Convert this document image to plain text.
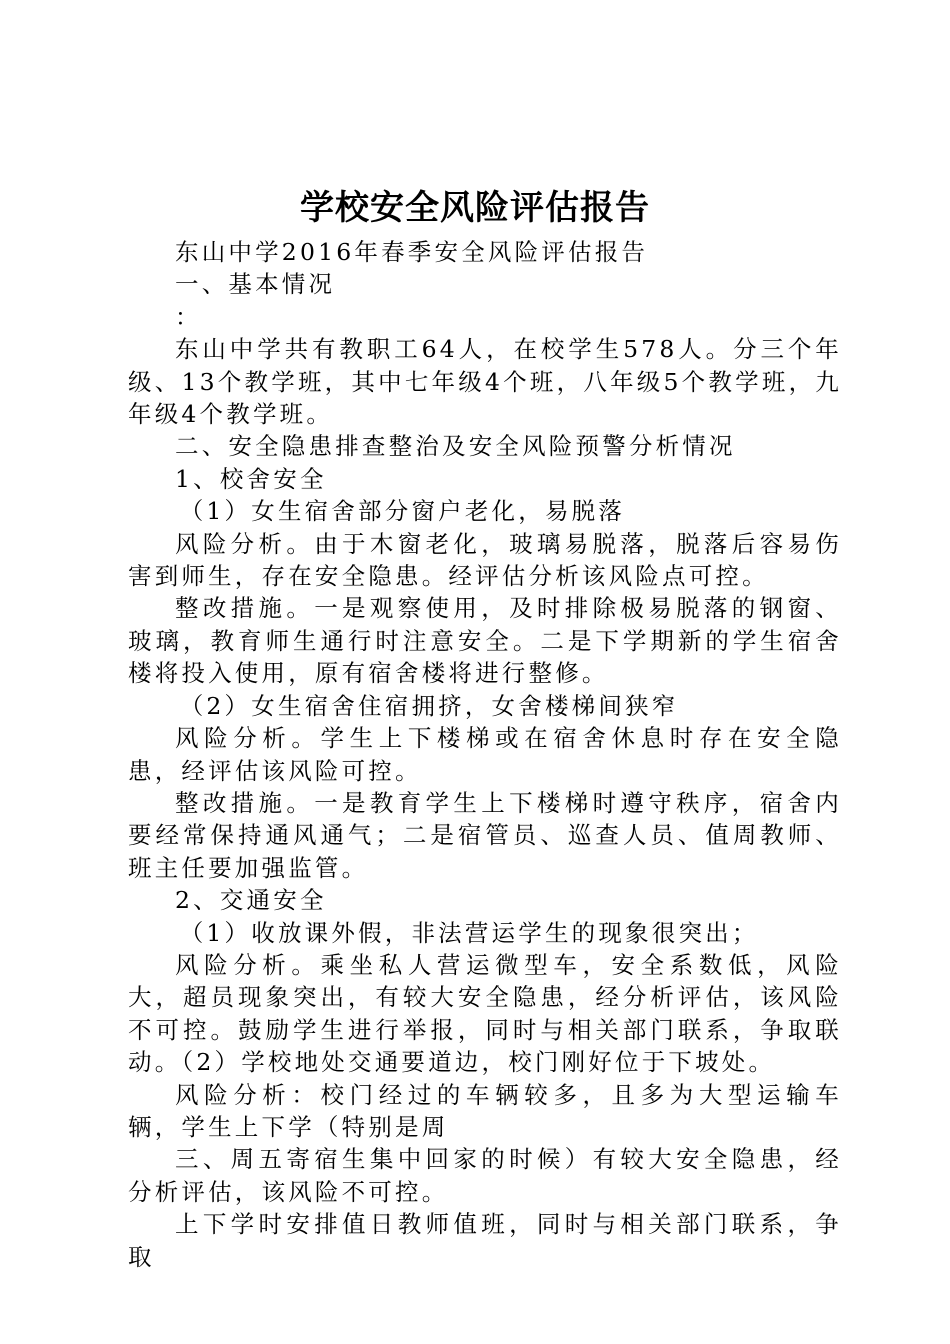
学校安全风险评估报告

东山中学2016年春季安全风险评估报告

一、基本情况

：

东山中学共有教职工64人，在校学生578人。分三个年级、13个教学班，其中七年级4个班，八年级5个教学班，九年级4个教学班。

二、安全隐患排查整治及安全风险预警分析情况

1、校舍安全

（1）女生宿舍部分窗户老化，易脱落

风险分析。由于木窗老化，玻璃易脱落，脱落后容易伤害到师生，存在安全隐患。经评估分析该风险点可控。

整改措施。一是观察使用，及时排除极易脱落的钢窗、玻璃，教育师生通行时注意安全。二是下学期新的学生宿舍楼将投入使用，原有宿舍楼将进行整修。

（2）女生宿舍住宿拥挤，女舍楼梯间狭窄

风险分析。学生上下楼梯或在宿舍休息时存在安全隐患，经评估该风险可控。

整改措施。一是教育学生上下楼梯时遵守秩序，宿舍内要经常保持通风通气；二是宿管员、巡查人员、值周教师、班主任要加强监管。

2、交通安全

（1）收放课外假，非法营运学生的现象很突出；

风险分析。乘坐私人营运微型车，安全系数低，风险大，超员现象突出，有较大安全隐患，经分析评估，该风险不可控。鼓励学生进行举报，同时与相关部门联系，争取联动。（2）学校地处交通要道边，校门刚好位于下坡处。

风险分析：校门经过的车辆较多，且多为大型运输车辆，学生上下学（特别是周

三、周五寄宿生集中回家的时候）有较大安全隐患，经分析评估，该风险不可控。

上下学时安排值日教师值班，同时与相关部门联系，争取
